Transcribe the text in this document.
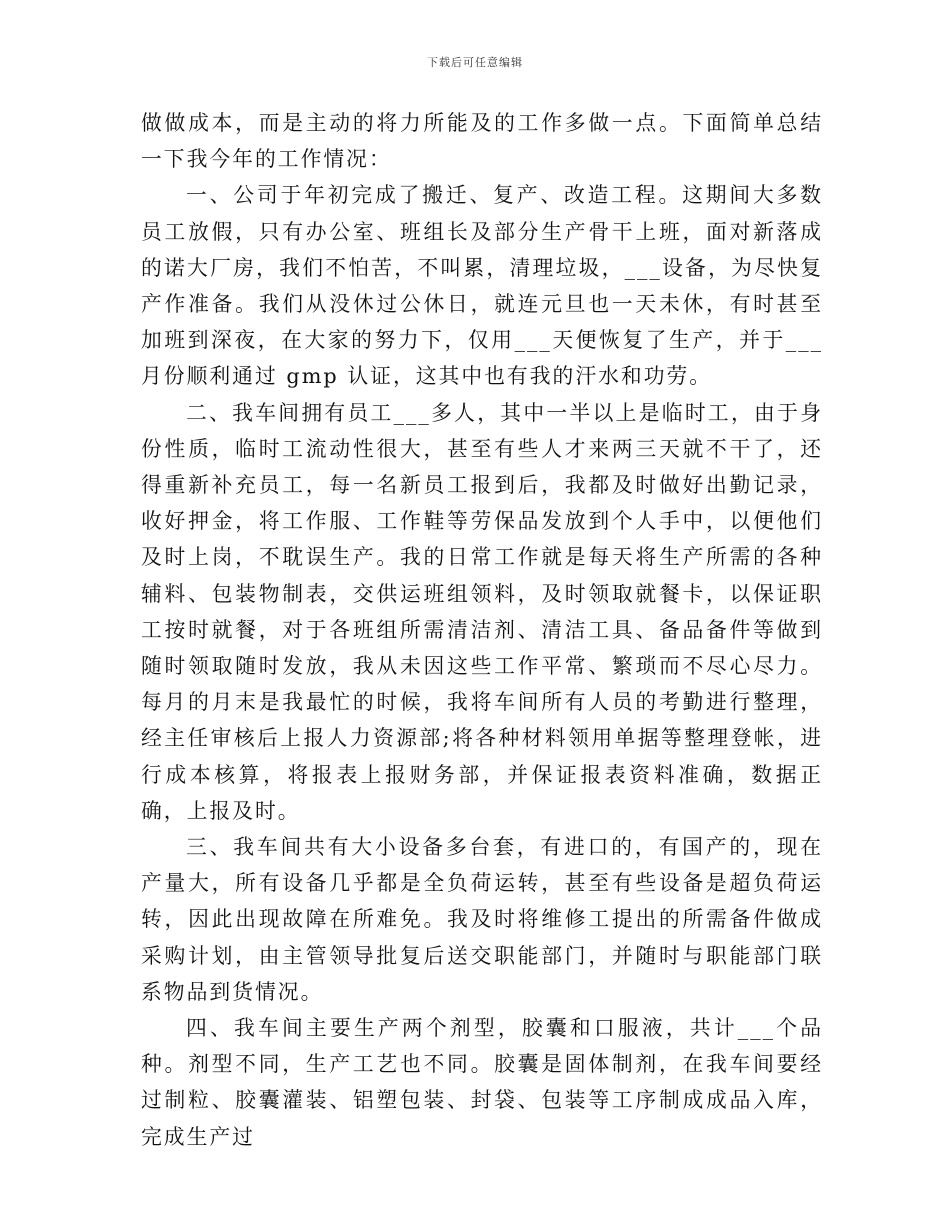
下载后可任意编辑

做做成本，而是主动的将力所能及的工作多做一点。下面简单总结一下我今年的工作情况：

一、公司于年初完成了搬迁、复产、改造工程。这期间大多数员工放假，只有办公室、班组长及部分生产骨干上班，面对新落成的诺大厂房，我们不怕苦，不叫累，清理垃圾，___设备，为尽快复产作准备。我们从没休过公休日，就连元旦也一天未休，有时甚至加班到深夜，在大家的努力下，仅用___天便恢复了生产，并于___月份顺利通过 gmp 认证，这其中也有我的汗水和功劳。

二、我车间拥有员工___多人，其中一半以上是临时工，由于身份性质，临时工流动性很大，甚至有些人才来两三天就不干了，还得重新补充员工，每一名新员工报到后，我都及时做好出勤记录，收好押金，将工作服、工作鞋等劳保品发放到个人手中，以便他们及时上岗，不耽误生产。我的日常工作就是每天将生产所需的各种辅料、包装物制表，交供运班组领料，及时领取就餐卡，以保证职工按时就餐，对于各班组所需清洁剂、清洁工具、备品备件等做到随时领取随时发放，我从未因这些工作平常、繁琐而不尽心尽力。每月的月末是我最忙的时候，我将车间所有人员的考勤进行整理，经主任审核后上报人力资源部;将各种材料领用单据等整理登帐，进行成本核算，将报表上报财务部，并保证报表资料准确，数据正确，上报及时。

三、我车间共有大小设备多台套，有进口的，有国产的，现在产量大，所有设备几乎都是全负荷运转，甚至有些设备是超负荷运转，因此出现故障在所难免。我及时将维修工提出的所需备件做成采购计划，由主管领导批复后送交职能部门，并随时与职能部门联系物品到货情况。

四、我车间主要生产两个剂型，胶囊和口服液，共计___个品种。剂型不同，生产工艺也不同。胶囊是固体制剂，在我车间要经过制粒、胶囊灌装、铝塑包装、封袋、包装等工序制成成品入库，完成生产过
